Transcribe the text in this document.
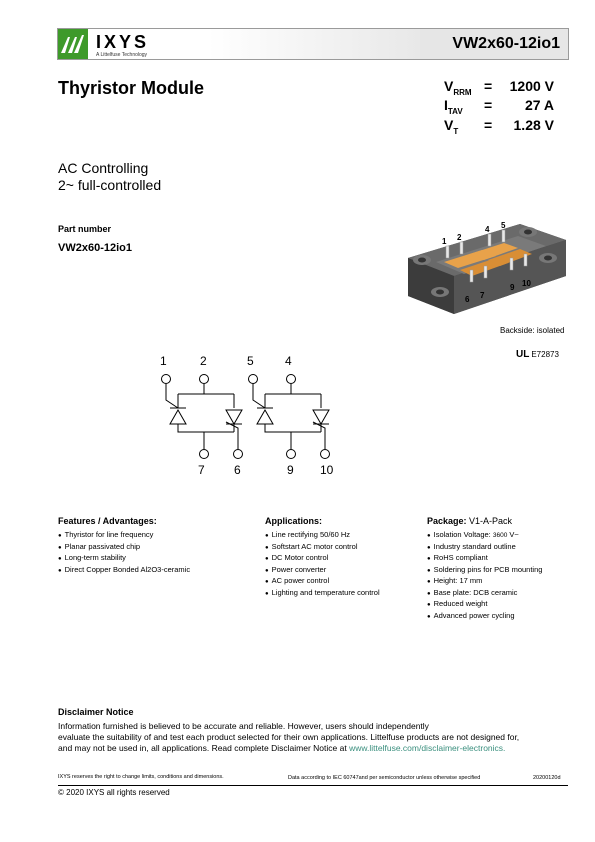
IXYS
A Littelfuse Technology
VW2x60-12io1
Thyristor Module	$V_{RRM} = 1200$ V
$I_{TAV} = 27$ A
$V_T = 1.28$ V
AC Controlling
2~ full-controlled
Part number
VW2x60-12io1
1 2
4 5
6 7
9 10
Backside: isolated
UL E72873
1	2	5	4
7 6	9 10
Features / Advantages:
● Thyristor for line frequency
● Planar passivated chip
● Long-term stability
● Direct Copper Bonded Al2O3-ceramic
Applications:
● Line rectifying 50/60 Hz
● Softstart AC motor control
● DC Motor control
● Power converter
● AC power control
● Lighting and temperature control
Package: V1-A-Pack
● Isolation Voltage: 3600 V~
● Industry standard outline
● RoHS compliant
● Soldering pins for PCB mounting
● Height: 17 mm
● Base plate: DCB ceramic
● Reduced weight
● Advanced power cycling
Disclaimer Notice
Information furnished is believed to be accurate and reliable. However, users should independently
evaluate the suitability of and test each product selected for their own applications. Littelfuse products are not designed for,
and may not be used in, all applications. Read complete Disclaimer Notice at www.littelfuse.com/disclaimer-electronics.
IXYS reserves the right to change limits, conditions and dimensions.	Data according to IEC 60747and per semiconductor unless otherwise specified	20200120d
© 2020 IXYS all rights reserved
